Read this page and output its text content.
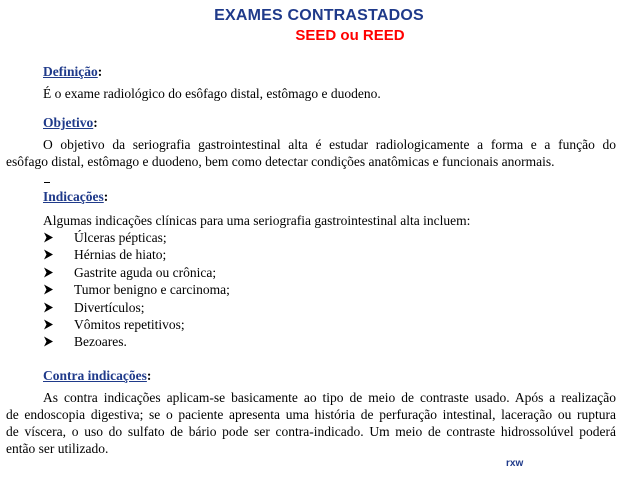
EXAMES CONTRASTADOS
SEED ou REED
Definição:
É o exame radiológico do esôfago distal, estômago e duodeno.
Objetivo:
O objetivo da seriografia gastrointestinal alta é estudar radiologicamente a forma e a função do
esôfago distal, estômago e duodeno, bem como detectar condições anatômicas e funcionais anormais.
Indicações:
Algumas indicações clínicas para uma seriografia gastrointestinal alta incluem:
Úlceras pépticas;
Hérnias de hiato;
Gastrite aguda ou crônica;
Tumor benigno e carcinoma;
Divertículos;
Vômitos repetitivos;
Bezoares.
Contra indicações:
As contra indicações aplicam-se basicamente ao tipo de meio de contraste usado. Após a realização
de endoscopia digestiva; se o paciente apresenta uma história de perfuração intestinal, laceração ou ruptura
de víscera, o uso do sulfato de bário pode ser contra-indicado. Um meio de contraste hidrossolúvel poderá
então ser utilizado.
rxw
